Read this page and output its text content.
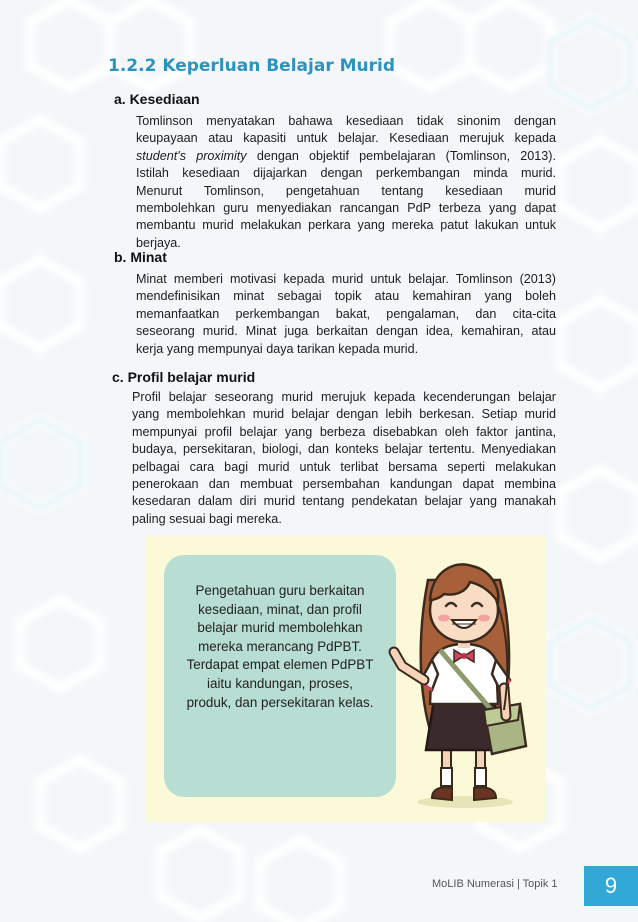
1.2.2 Keperluan Belajar Murid
a. Kesediaan
Tomlinson menyatakan bahawa kesediaan tidak sinonim dengan
keupayaan atau kapasiti untuk belajar. Kesediaan merujuk kepada
student's proximity dengan objektif pembelajaran (Tomlinson, 2013).
Istilah kesediaan dijajarkan dengan perkembangan minda murid.
Menurut Tomlinson, pengetahuan tentang kesediaan murid
membolehkan guru menyediakan rancangan PdP terbeza yang dapat
membantu murid melakukan perkara yang mereka patut lakukan untuk
berjaya.
b. Minat
Minat memberi motivasi kepada murid untuk belajar. Tomlinson (2013)
mendefinisikan minat sebagai topik atau kemahiran yang boleh
memanfaatkan perkembangan bakat, pengalaman, dan cita-cita
seseorang murid. Minat juga berkaitan dengan idea, kemahiran, atau
kerja yang mempunyai daya tarikan kepada murid.
c. Profil belajar murid
Profil belajar seseorang murid merujuk kepada kecenderungan belajar
yang membolehkan murid belajar dengan lebih berkesan. Setiap murid
mempunyai profil belajar yang berbeza disebabkan oleh faktor jantina,
budaya, persekitaran, biologi, dan konteks belajar tertentu. Menyediakan
pelbagai cara bagi murid untuk terlibat bersama seperti melakukan
penerokaan dan membuat persembahan kandungan dapat membina
kesedaran dalam diri murid tentang pendekatan belajar yang manakah
paling sesuai bagi mereka.
Pengetahuan guru berkaitan
kesediaan, minat, dan profil
belajar murid membolehkan
mereka merancang PdPBT.
Terdapat empat elemen PdPBT
iaitu kandungan, proses,
produk, dan persekitaran kelas.
MoLIB Numerasi | Topik 1	9
